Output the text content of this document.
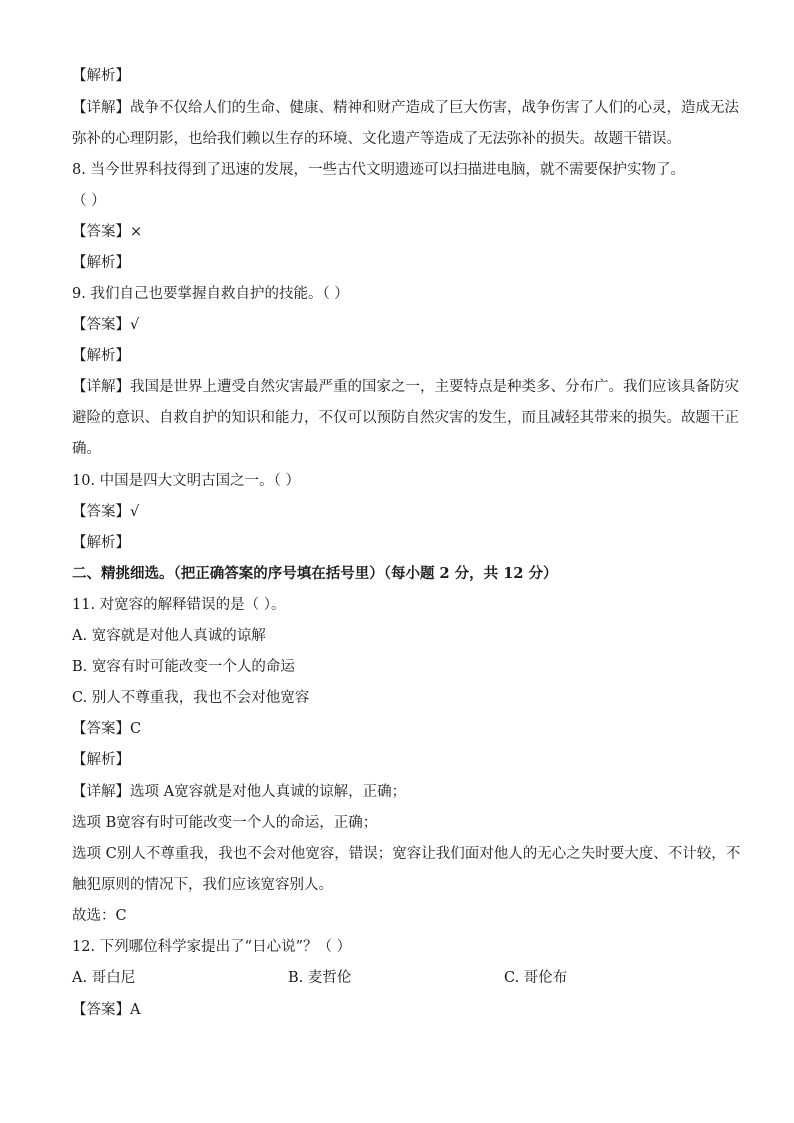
【解析】
【详解】战争不仅给人们的生命、健康、精神和财产造成了巨大伤害，战争伤害了人们的心灵，造成无法
弥补的心理阴影，也给我们赖以生存的环境、文化遗产等造成了无法弥补的损失。故题干错误。
8. 当今世界科技得到了迅速的发展，一些古代文明遗迹可以扫描进电脑，就不需要保护实物了。
（ ）
【答案】×
【解析】
9. 我们自己也要掌握自救自护的技能。（ ）
【答案】√
【解析】
【详解】我国是世界上遭受自然灾害最严重的国家之一，主要特点是种类多、分布广。我们应该具备防灾
避险的意识、自救自护的知识和能力，不仅可以预防自然灾害的发生，而且减轻其带来的损失。故题干正
确。
10. 中国是四大文明古国之一。（ ）
【答案】√
【解析】
二、精挑细选。（把正确答案的序号填在括号里）（每小题 2 分，共 12 分）
11. 对宽容的解释错误的是（ ）。
A. 宽容就是对他人真诚的谅解
B. 宽容有时可能改变一个人的命运
C. 别人不尊重我，我也不会对他宽容
【答案】C
【解析】
【详解】选项 A宽容就是对他人真诚的谅解，正确；
选项 B宽容有时可能改变一个人的命运，正确；
选项 C别人不尊重我，我也不会对他宽容，错误；宽容让我们面对他人的无心之失时要大度、不计较，不
触犯原则的情况下，我们应该宽容别人。
故选：C
12. 下列哪位科学家提出了“日心说”？（ ）
A. 哥白尼	B. 麦哲伦	C. 哥伦布
【答案】A
